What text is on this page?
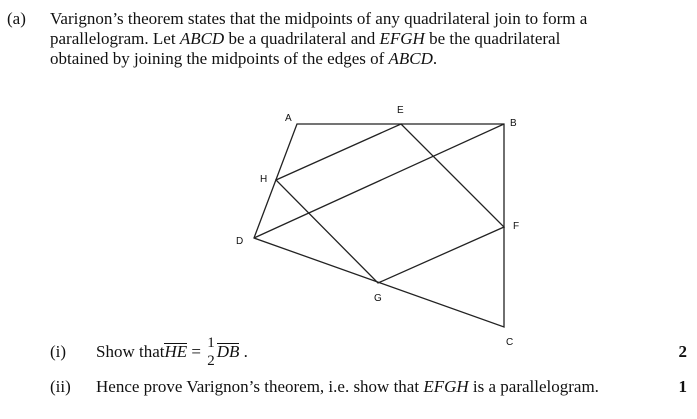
(a) Varignon’s theorem states that the midpoints of any quadrilateral join to form a
parallelogram. Let ABCD be a quadrilateral and EFGH be the quadrilateral
obtained by joining the midpoints of the edges of ABCD.
A
E
B
H
F
D
G
C
(i) Show that HE = 1
2 DB .	2
(ii) Hence prove Varignon’s theorem, i.e. show that EFGH is a parallelogram.	1
